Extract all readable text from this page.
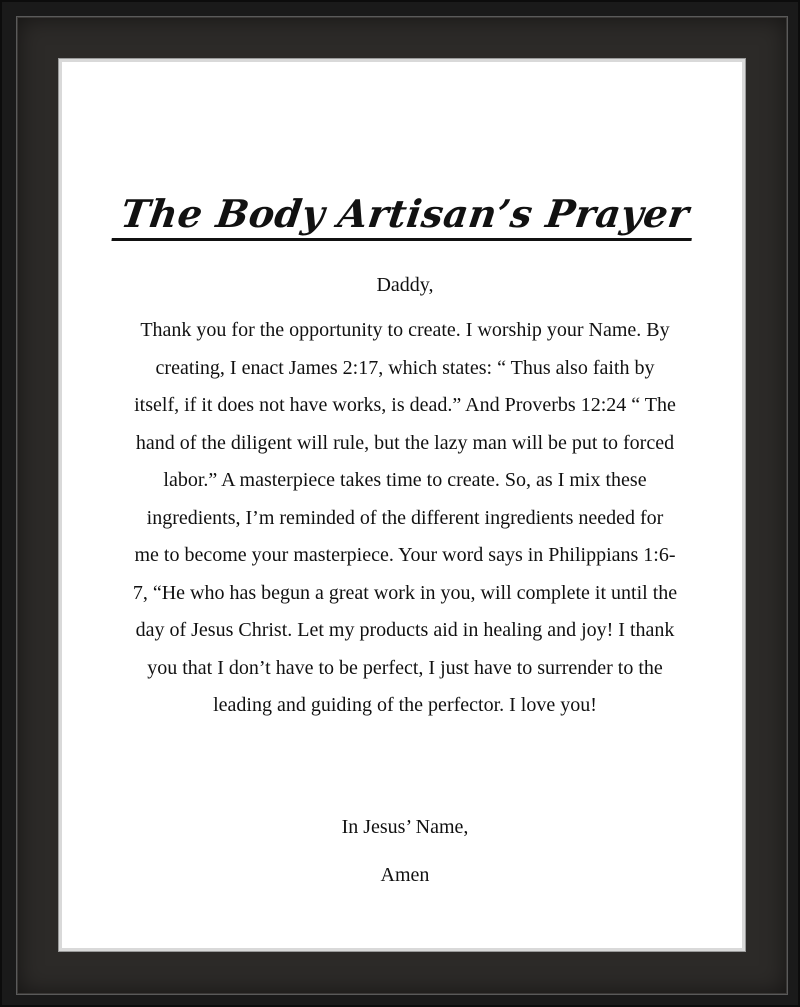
The Body Artisan’s Prayer

Daddy,

Thank you for the opportunity to create. I worship your Name. By creating, I enact James 2:17, which states: “ Thus also faith by itself, if it does not have works, is dead.” And Proverbs 12:24 “ The hand of the diligent will rule, but the lazy man will be put to forced labor.” A masterpiece takes time to create. So, as I mix these ingredients, I’m reminded of the different ingredients needed for me to become your masterpiece. Your word says in Philippians 1:6-7, “He who has begun a great work in you, will complete it until the day of Jesus Christ. Let my products aid in healing and joy! I thank you that I don’t have to be perfect, I just have to surrender to the leading and guiding of the perfector. I love you!

In Jesus’ Name,

Amen
